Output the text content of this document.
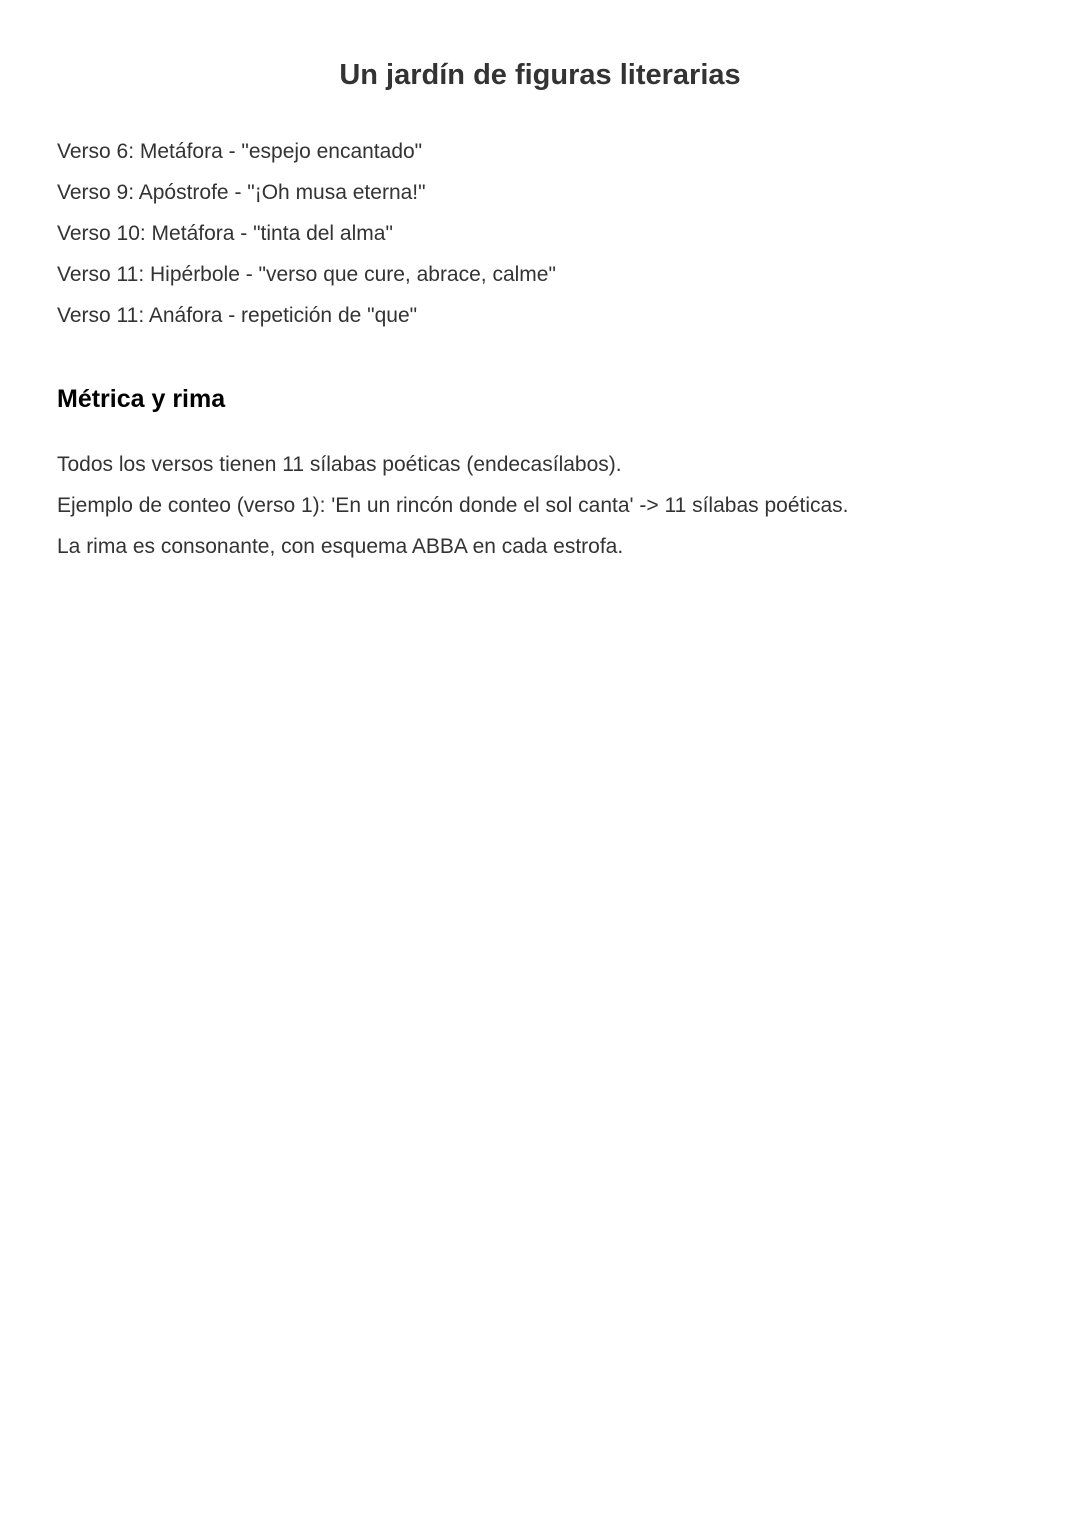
Un jardín de figuras literarias
Verso 6: Metáfora - "espejo encantado"
Verso 9: Apóstrofe - "¡Oh musa eterna!"
Verso 10: Metáfora - "tinta del alma"
Verso 11: Hipérbole - "verso que cure, abrace, calme"
Verso 11: Anáfora - repetición de "que"
Métrica y rima

Todos los versos tienen 11 sílabas poéticas (endecasílabos).

Ejemplo de conteo (verso 1): 'En un rincón donde el sol canta' -> 11 sílabas poéticas.

La rima es consonante, con esquema ABBA en cada estrofa.
